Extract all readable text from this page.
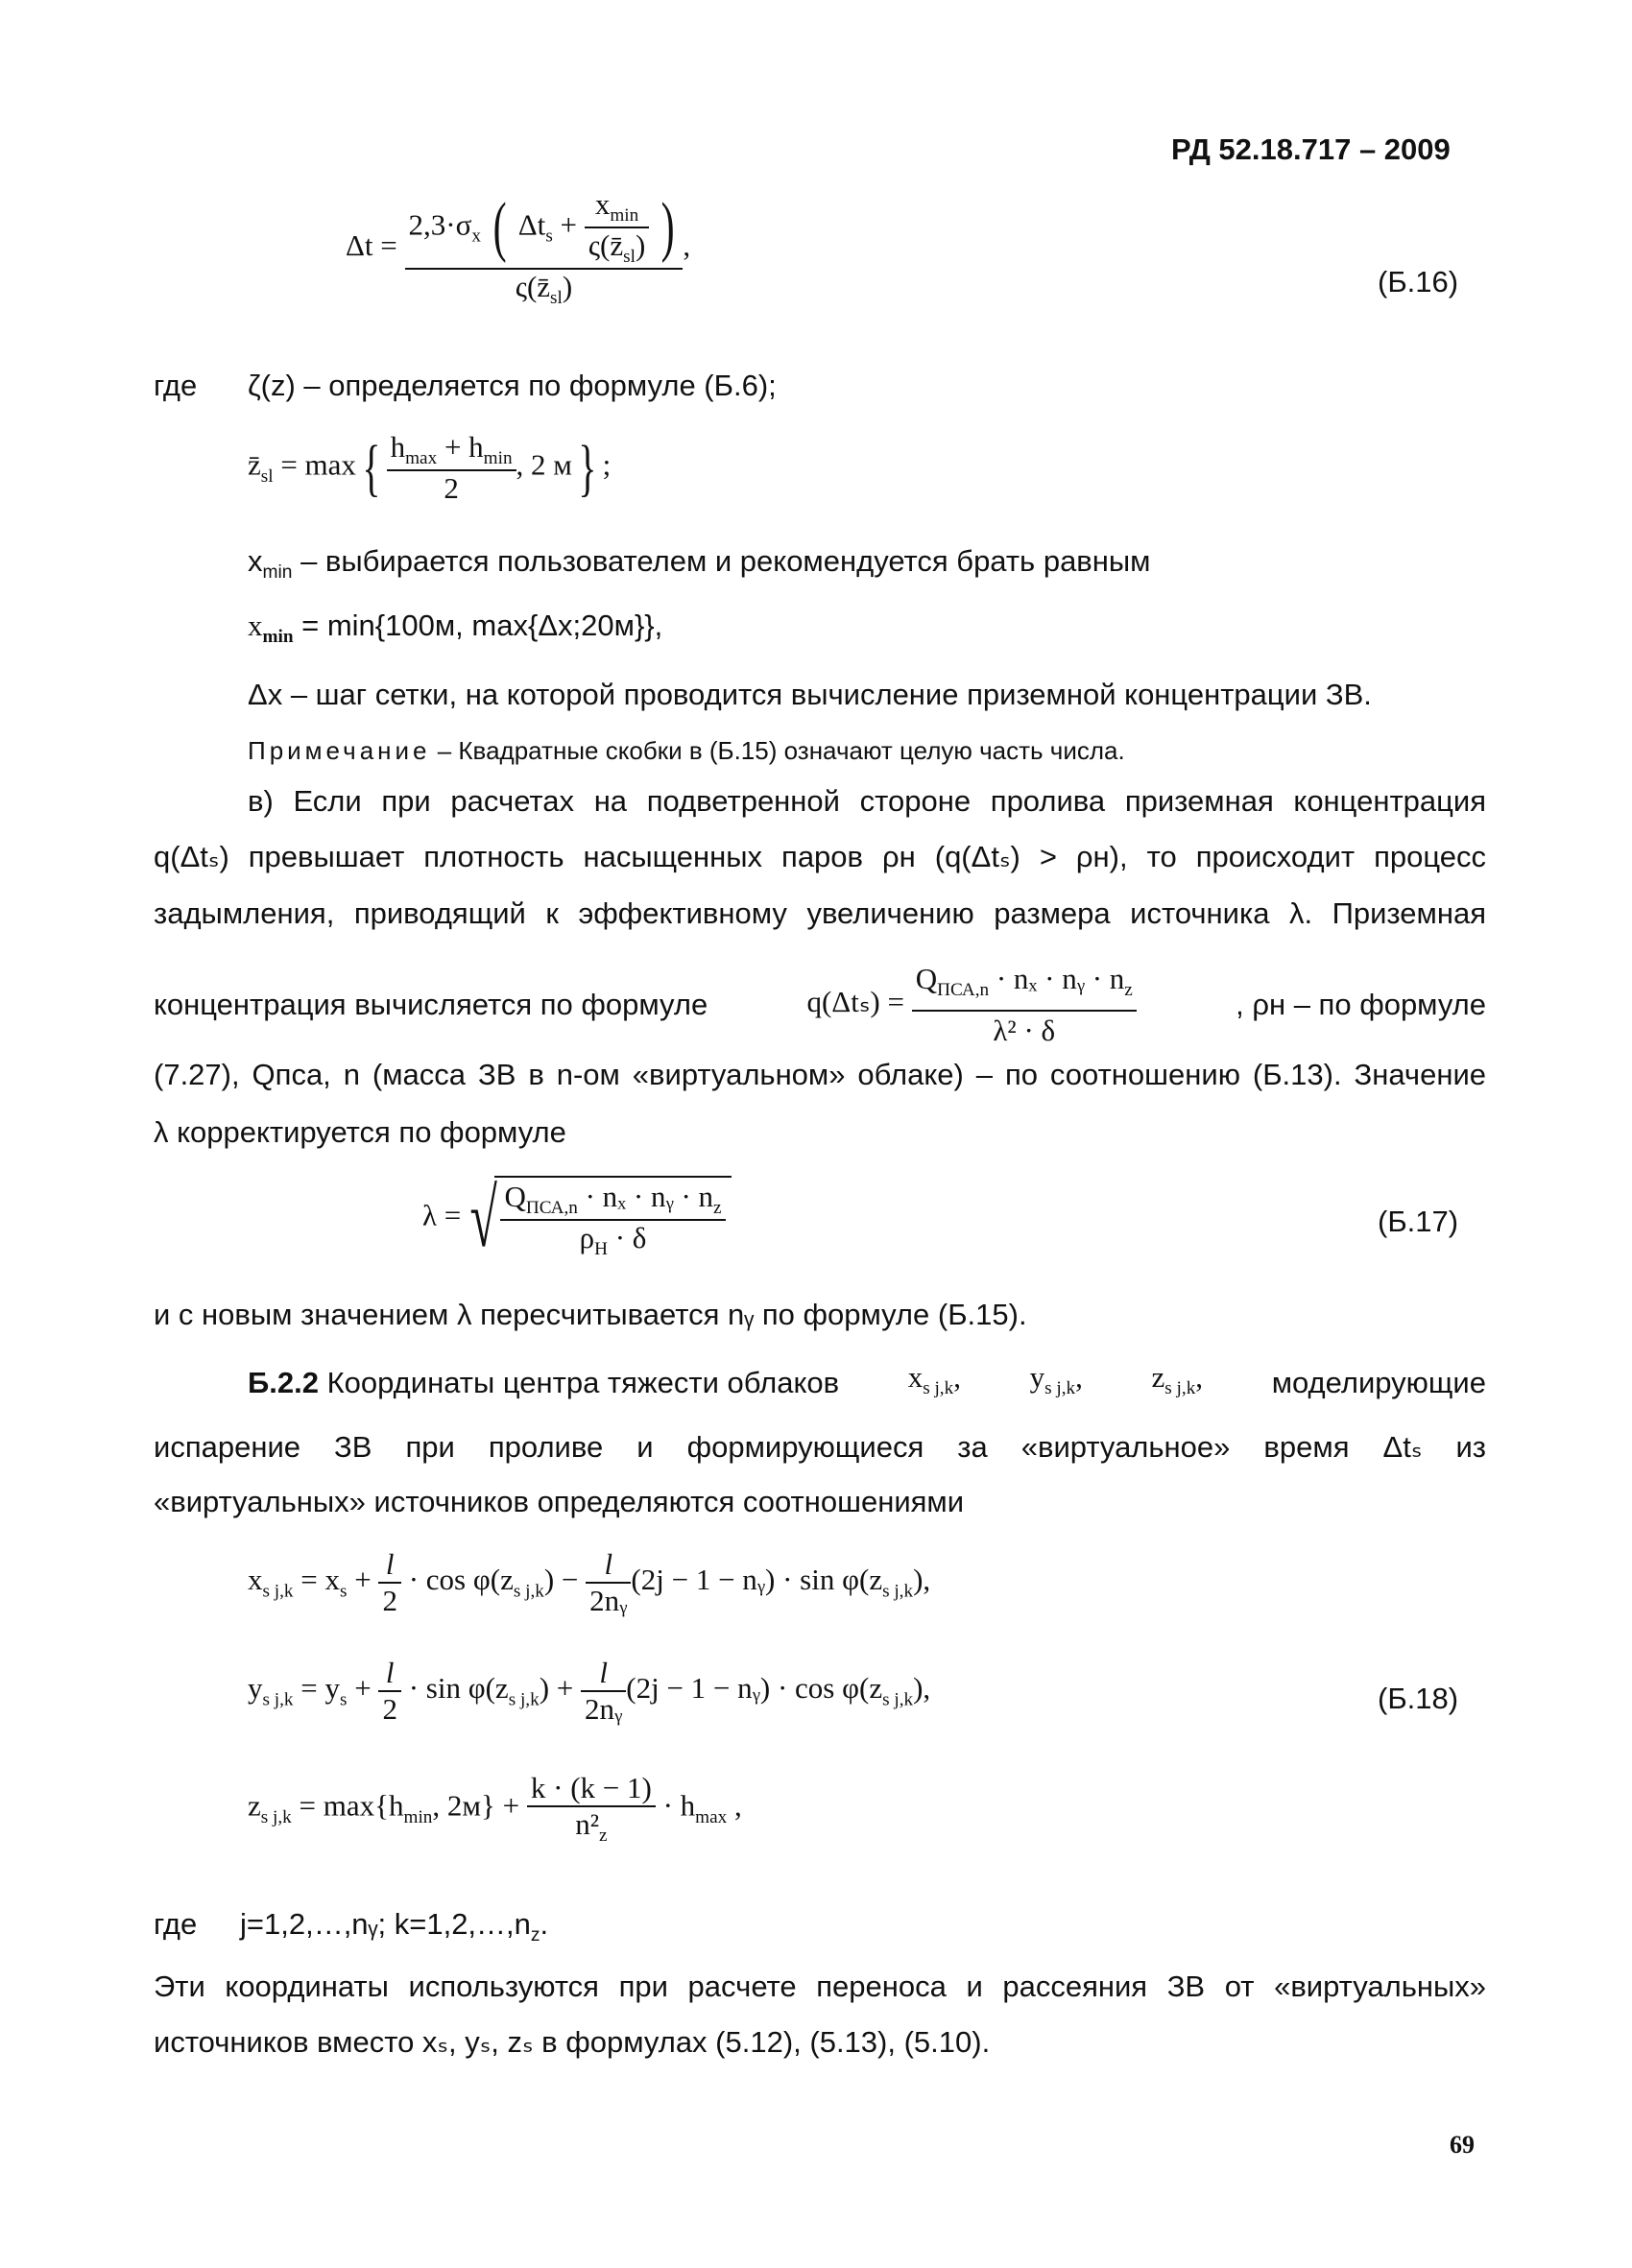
РД 52.18.717 – 2009
Δt =
$2,3\cdot\sigma_x$ ( $\Delta t_s + \frac{x_{min}}{\varsigma(z̄_{sl})}$ )
$\varsigma(z̄_{sl})$
,
(Б.16)
где ζ(z) – определяется по формуле (Б.6);
$z̄_{sl} = \max\{ \frac{h_{max} + h_{min}}{2}$ , 2 м} ;
$x_{min}$ – выбирается пользователем и рекомендуется брать равным
$x_{min} = \min\{100м$, max{Δx;20м}},
Δx – шаг сетки, на которой проводится вычисление приземной концентрации ЗВ.
Примечание – Квадратные скобки в (Б.15) означают целую часть числа.
в) Если при расчетах на подветренной стороне пролива приземная концентрация
q(Δtₛ) превышает плотность насыщенных паров ρн (q(Δtₛ) > ρн), то происходит процесс
задымления, приводящий к эффективному увеличению размера источника λ. Приземная
концентрация вычисляется по формуле	$q(\Delta t_s) = \frac{Q_{ПСА,n} \cdot n_x \cdot nᵧ \cdot n_z}{\text{λ² · δ}}$	, ρн – по формуле
(7.27), Qпса, n (масса ЗВ в n-ом «виртуальном» облаке) – по соотношению (Б.13). Значение
λ корректируется по формуле
λ = √ $\frac{Q_{ПСА,n} \cdot n_x \cdot nᵧ \cdot n_z}{\rho_Н \cdot \delta}$	(Б.17)
и с новым значением λ пересчитывается nᵧ по формуле (Б.15).
Б.2.2 Координаты центра тяжести облаков $x_{s j,k}$, $y_{s j,k}$, $z_{s j,k}$, моделирующие
испарение ЗВ при проливе и формирующиеся за «виртуальное» время Δtₛ из
«виртуальных» источников определяются соотношениями
$x_{s j,k} = x_s + \frac{l}{2} \cdot \cos \varphi(z_{s j,k}) - \frac{l}{\text{2nᵧ}} (2j - 1$ − nᵧ) · $\sin \varphi(z_{s j,k})$,
$y_{s j,k} = y_s + \frac{l}{2} \cdot \sin \varphi(z_{s j,k}) + \frac{l}{\text{2nᵧ}} (2j - 1$ − nᵧ) · $\cos \varphi(z_{s j,k})$,	(Б.18)
$z_{s j,k} = \max\{h_{min}$, $2м\} + \frac{k \cdot (k - 1)}{n^2_z} \cdot h_{max}$ ,
где j=1,2,…,nᵧ; $k=1,2,\dots,n_z$.
Эти координаты используются при расчете переноса и рассеяния ЗВ от «виртуальных»
источников вместо xₛ, yₛ, zₛ в формулах (5.12), (5.13), (5.10).
69
